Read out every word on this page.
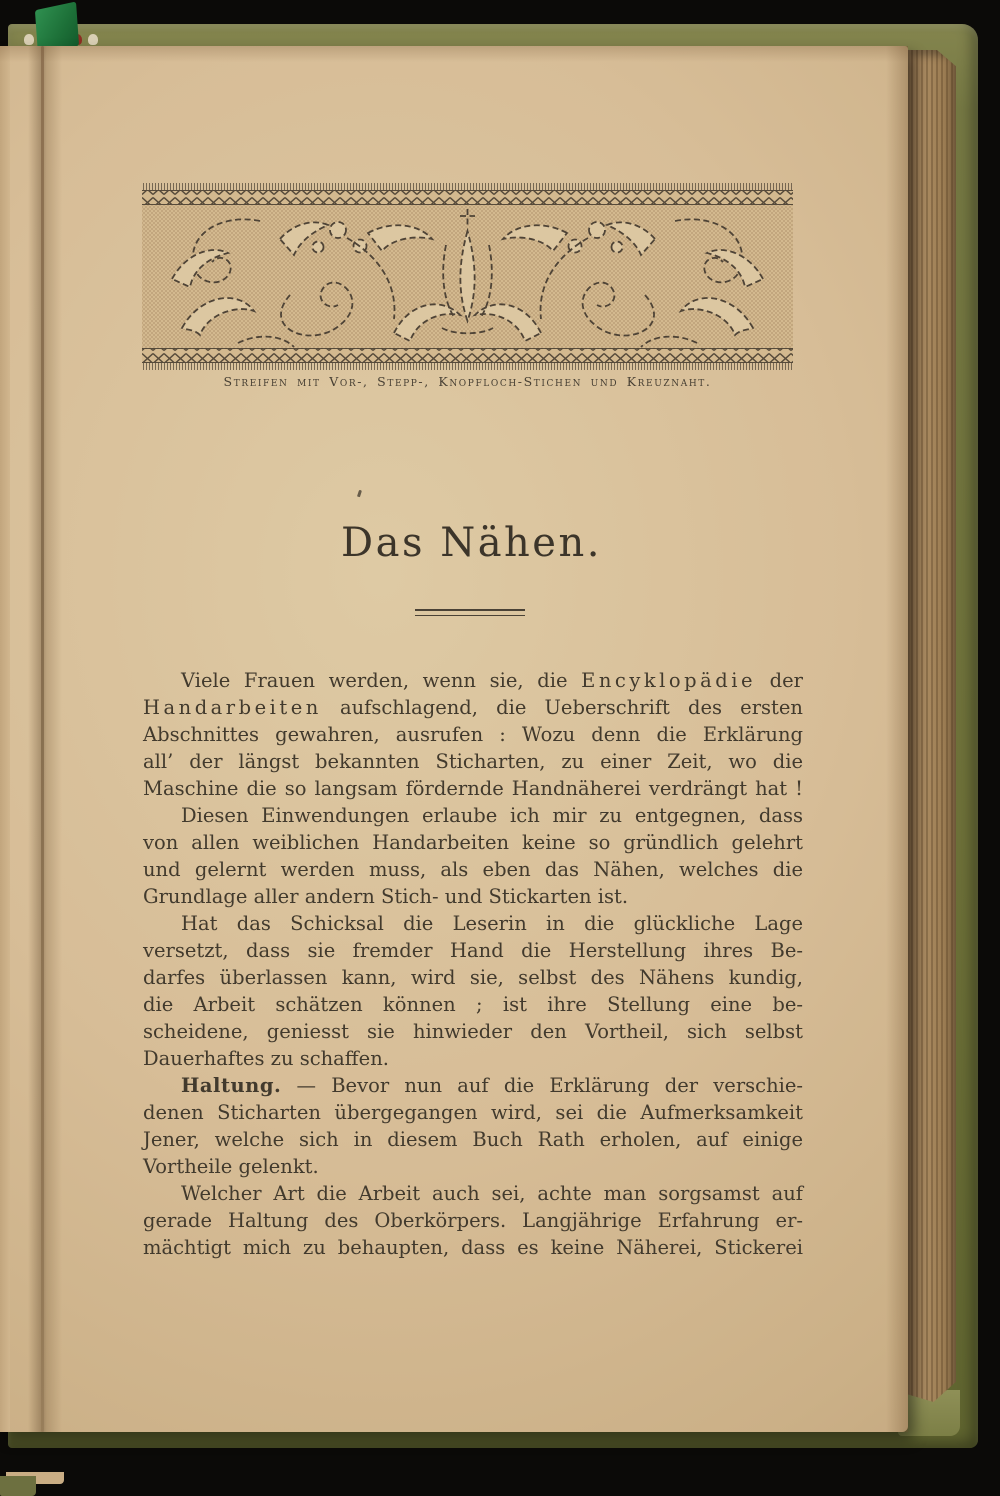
Streifen mit Vor-, Stepp-, Knopfloch-Stichen und Kreuznaht.
Das Nähen.
Viele Frauen werden, wenn sie, die Encyklopädie der
Handarbeiten aufschlagend, die Ueberschrift des ersten
Abschnittes gewahren, ausrufen : Wozu denn die Erklärung
all’ der längst bekannten Sticharten, zu einer Zeit, wo die
Maschine die so langsam fördernde Handnäherei verdrängt hat !
Diesen Einwendungen erlaube ich mir zu entgegnen, dass
von allen weiblichen Handarbeiten keine so gründlich gelehrt
und gelernt werden muss, als eben das Nähen, welches die
Grundlage aller andern Stich- und Stickarten ist.
Hat das Schicksal die Leserin in die glückliche Lage
versetzt, dass sie fremder Hand die Herstellung ihres Be-
darfes überlassen kann, wird sie, selbst des Nähens kundig,
die Arbeit schätzen können ; ist ihre Stellung eine be-
scheidene, geniesst sie hinwieder den Vortheil, sich selbst
Dauerhaftes zu schaffen.
Haltung. — Bevor nun auf die Erklärung der verschie-
denen Sticharten übergegangen wird, sei die Aufmerksamkeit
Jener, welche sich in diesem Buch Rath erholen, auf einige
Vortheile gelenkt.
Welcher Art die Arbeit auch sei, achte man sorgsamst auf
gerade Haltung des Oberkörpers. Langjährige Erfahrung er-
mächtigt mich zu behaupten, dass es keine Näherei, Stickerei
